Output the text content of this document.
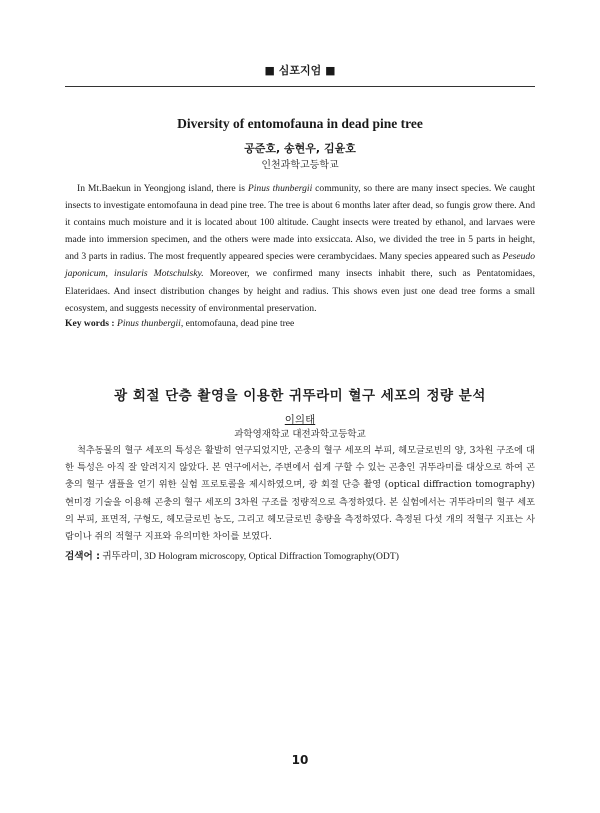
■ 심포지엄 ■
Diversity of entomofauna in dead pine tree
공준호, 송현우, 김윤호
인천과학고등학교

In Mt.Baekun in Yeongjong island, there is Pinus thunbergii community, so there are many insect species. We caught insects to investigate entomofauna in dead pine tree. The tree is about 6 months later after dead, so fungis grow there. And it contains much moisture and it is located about 100 altitude. Caught insects were treated by ethanol, and larvaes were made into immersion specimen, and the others were made into exsiccata. Also, we divided the tree in 5 parts in height, and 3 parts in radius. The most frequently appeared species were cerambycidaes. Many species appeared such as Peseudo japonicum, insularis Motschulsky. Moreover, we confirmed many insects inhabit there, such as Pentatomidaes, Elateridaes. And insect distribution changes by height and radius. This shows even just one dead tree forms a small ecosystem, and suggests necessity of environmental preservation.

Key words : Pinus thunbergii, entomofauna, dead pine tree

광 회절 단층 촬영을 이용한 귀뚜라미 혈구 세포의 정량 분석
이의태
과학영재학교 대전과학고등학교

척추동물의 혈구 세포의 특성은 활발히 연구되었지만, 곤충의 혈구 세포의 부피, 헤모글로빈의 양, 3차원 구조에 대한 특성은 아직 잘 알려지지 않았다. 본 연구에서는, 주변에서 쉽게 구할 수 있는 곤충인 귀뚜라미를 대상으로 하여 곤충의 혈구 샘플을 얻기 위한 실험 프로토콜을 제시하였으며, 광 회절 단층 촬영 (optical diffraction tomography) 현미경 기술을 이용해 곤충의 혈구 세포의 3차원 구조를 정량적으로 측정하였다. 본 실험에서는 귀뚜라미의 혈구 세포의 부피, 표면적, 구형도, 헤모글로빈 농도, 그리고 헤모글로빈 총량을 측정하였다. 측정된 다섯 개의 적혈구 지표는 사람이나 쥐의 적혈구 지표와 유의미한 차이를 보였다.

검색어 : 귀뚜라미, 3D Hologram microscopy, Optical Diffraction Tomography(ODT)

10
